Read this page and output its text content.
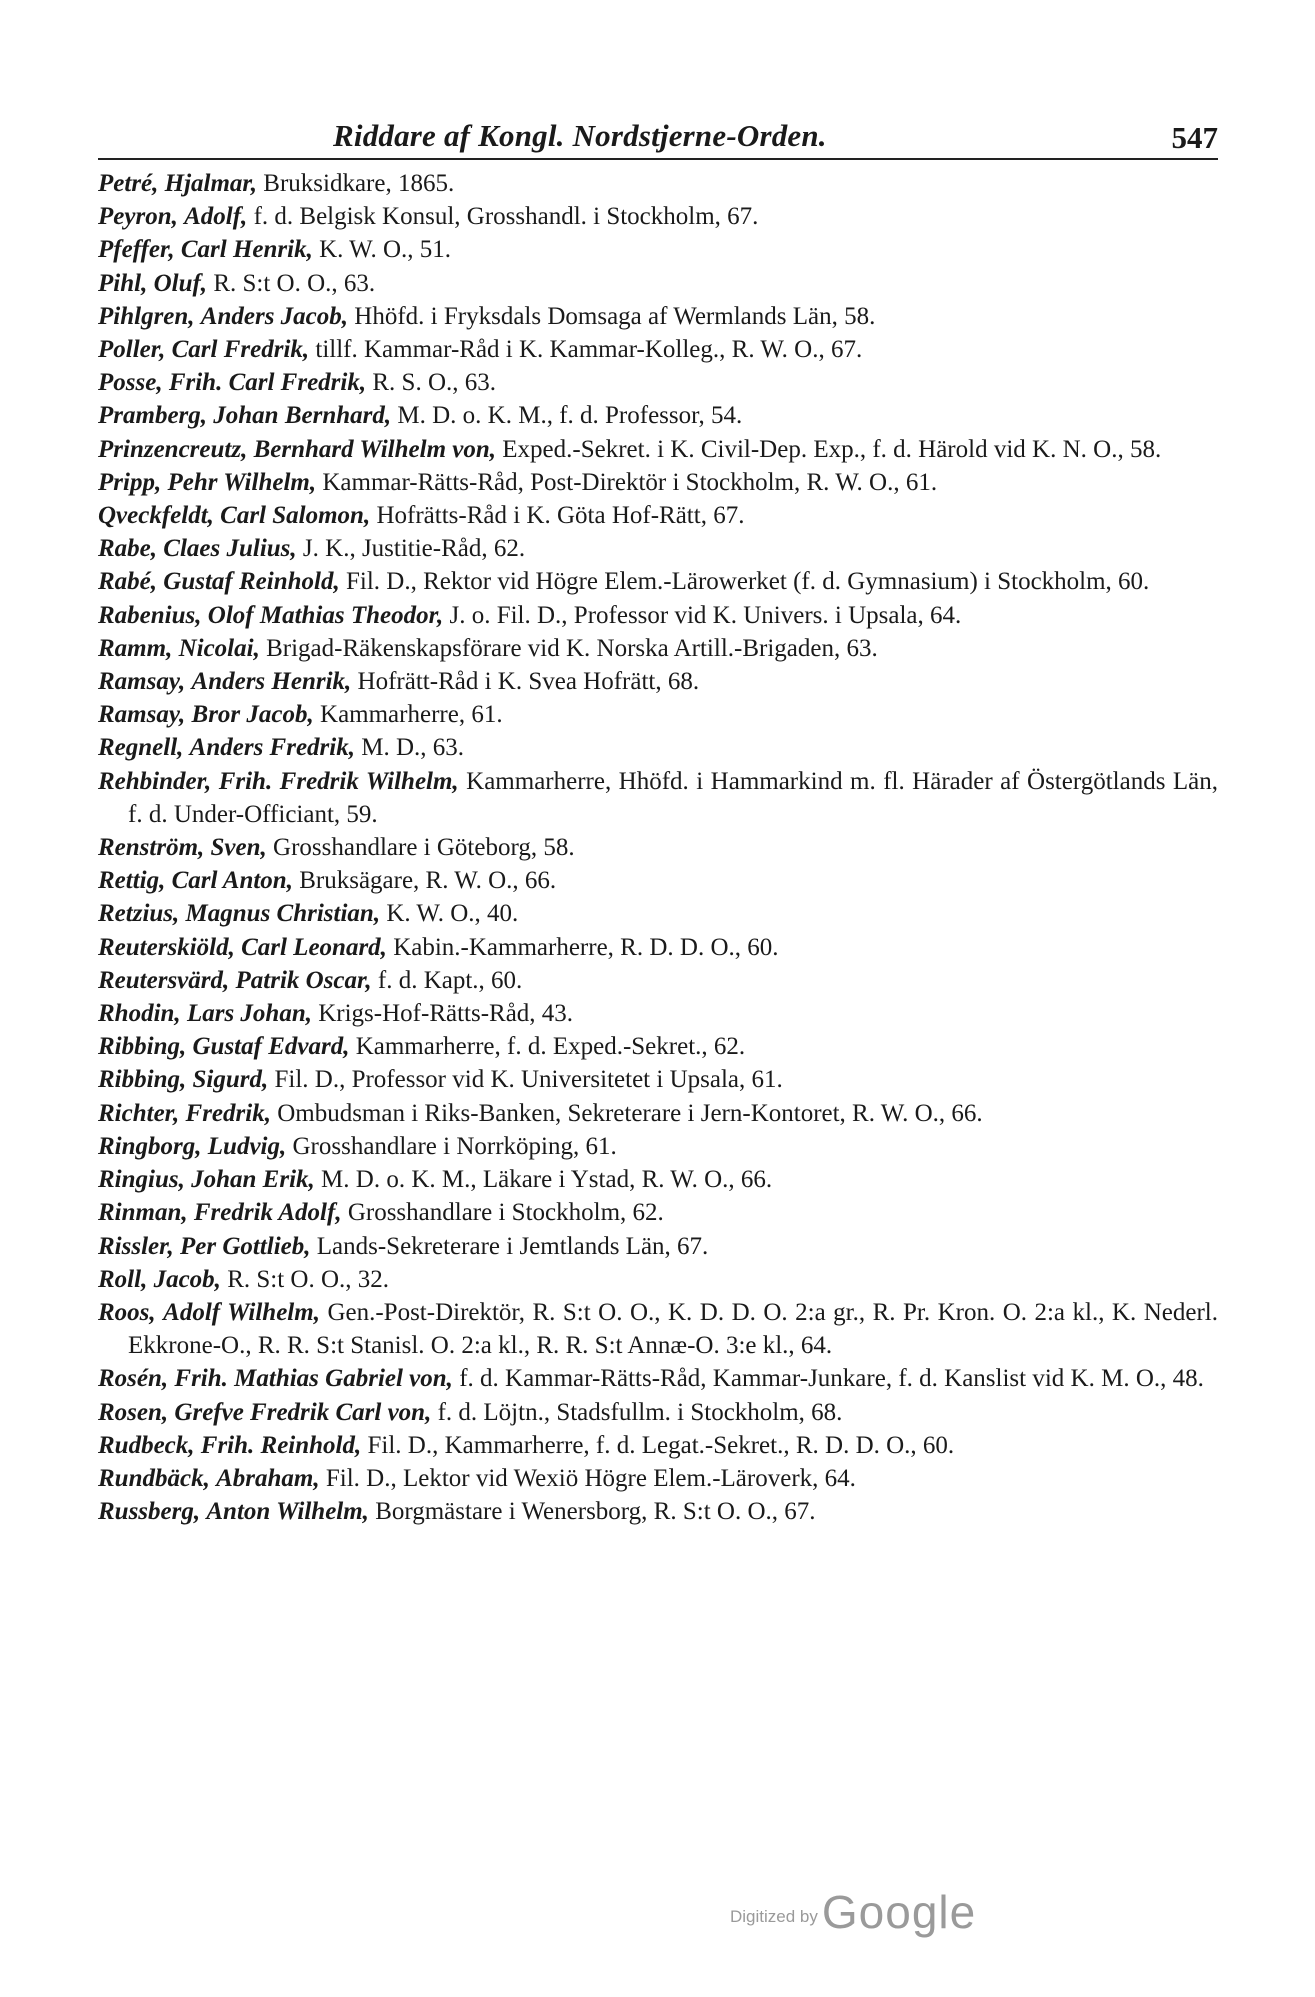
Riddare af Kongl. Nordstjerne-Orden.	547
Petré, Hjalmar, Bruksidkare, 1865.
Peyron, Adolf, f. d. Belgisk Konsul, Grosshandl. i Stockholm, 67.
Pfeffer, Carl Henrik, K. W. O., 51.
Pihl, Oluf, R. S:t O. O., 63.
Pihlgren, Anders Jacob, Hhöfd. i Fryksdals Domsaga af Wermlands Län, 58.
Poller, Carl Fredrik, tillf. Kammar-Råd i K. Kammar-Kolleg., R. W. O., 67.
Posse, Frih. Carl Fredrik, R. S. O., 63.
Pramberg, Johan Bernhard, M. D. o. K. M., f. d. Professor, 54.
Prinzencreutz, Bernhard Wilhelm von, Exped.-Sekret. i K. Civil-Dep. Exp., f. d. Härold vid K. N. O., 58.
Pripp, Pehr Wilhelm, Kammar-Rätts-Råd, Post-Direktör i Stockholm, R. W. O., 61.
Qveckfeldt, Carl Salomon, Hofrätts-Råd i K. Göta Hof-Rätt, 67.
Rabe, Claes Julius, J. K., Justitie-Råd, 62.
Rabé, Gustaf Reinhold, Fil. D., Rektor vid Högre Elem.-Lärowerket (f. d. Gymnasium) i Stockholm, 60.
Rabenius, Olof Mathias Theodor, J. o. Fil. D., Professor vid K. Univers. i Upsala, 64.
Ramm, Nicolai, Brigad-Räkenskapsförare vid K. Norska Artill.-Brigaden, 63.
Ramsay, Anders Henrik, Hofrätt-Råd i K. Svea Hofrätt, 68.
Ramsay, Bror Jacob, Kammarherre, 61.
Regnell, Anders Fredrik, M. D., 63.
Rehbinder, Frih. Fredrik Wilhelm, Kammarherre, Hhöfd. i Hammarkind m. fl. Härader af Östergötlands Län, f. d. Under-Officiant, 59.
Renström, Sven, Grosshandlare i Göteborg, 58.
Rettig, Carl Anton, Bruksägare, R. W. O., 66.
Retzius, Magnus Christian, K. W. O., 40.
Reuterskiöld, Carl Leonard, Kabin.-Kammarherre, R. D. D. O., 60.
Reutersvärd, Patrik Oscar, f. d. Kapt., 60.
Rhodin, Lars Johan, Krigs-Hof-Rätts-Råd, 43.
Ribbing, Gustaf Edvard, Kammarherre, f. d. Exped.-Sekret., 62.
Ribbing, Sigurd, Fil. D., Professor vid K. Universitetet i Upsala, 61.
Richter, Fredrik, Ombudsman i Riks-Banken, Sekreterare i Jern-Kontoret, R. W. O., 66.
Ringborg, Ludvig, Grosshandlare i Norrköping, 61.
Ringius, Johan Erik, M. D. o. K. M., Läkare i Ystad, R. W. O., 66.
Rinman, Fredrik Adolf, Grosshandlare i Stockholm, 62.
Rissler, Per Gottlieb, Lands-Sekreterare i Jemtlands Län, 67.
Roll, Jacob, R. S:t O. O., 32.
Roos, Adolf Wilhelm, Gen.-Post-Direktör, R. S:t O. O., K. D. D. O. 2:a gr., R. Pr. Kron. O. 2:a kl., K. Nederl. Ekkrone-O., R. R. S:t Stanisl. O. 2:a kl., R. R. S:t Annæ-O. 3:e kl., 64.
Rosén, Frih. Mathias Gabriel von, f. d. Kammar-Rätts-Råd, Kammar-Junkare, f. d. Kanslist vid K. M. O., 48.
Rosen, Grefve Fredrik Carl von, f. d. Löjtn., Stadsfullm. i Stockholm, 68.
Rudbeck, Frih. Reinhold, Fil. D., Kammarherre, f. d. Legat.-Sekret., R. D. D. O., 60.
Rundbäck, Abraham, Fil. D., Lektor vid Wexiö Högre Elem.-Läroverk, 64.
Russberg, Anton Wilhelm, Borgmästare i Wenersborg, R. S:t O. O., 67.
Digitized by Google
